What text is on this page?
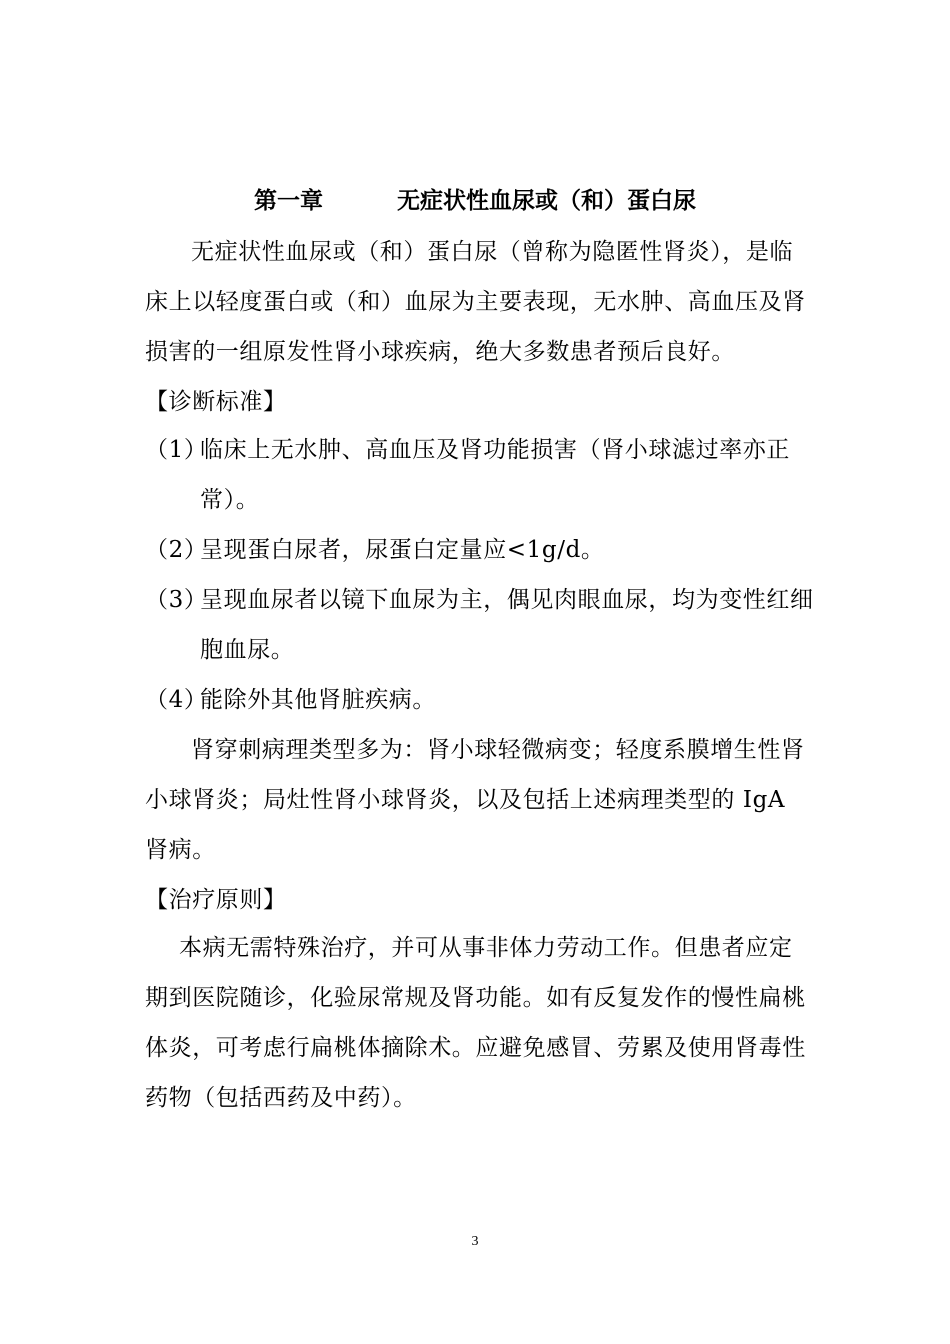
第一章	无症状性血尿或（和）蛋白尿
无症状性血尿或（和）蛋白尿（曾称为隐匿性肾炎），是临床上以轻度蛋白或（和）血尿为主要表现，无水肿、高血压及肾损害的一组原发性肾小球疾病，绝大多数患者预后良好。
【诊断标准】
（1）
临床上无水肿、高血压及肾功能损害（肾小球滤过率亦正常）。
（2）
呈现蛋白尿者，尿蛋白定量应<1g/d。
（3）
呈现血尿者以镜下血尿为主，偶见肉眼血尿，均为变性红细胞血尿。
（4）
能除外其他肾脏疾病。
肾穿刺病理类型多为：肾小球轻微病变；轻度系膜增生性肾小球肾炎；局灶性肾小球肾炎，以及包括上述病理类型的 IgA 肾病。
【治疗原则】
本病无需特殊治疗，并可从事非体力劳动工作。但患者应定期到医院随诊，化验尿常规及肾功能。如有反复发作的慢性扁桃体炎，可考虑行扁桃体摘除术。应避免感冒、劳累及使用肾毒性药物（包括西药及中药）。
3
